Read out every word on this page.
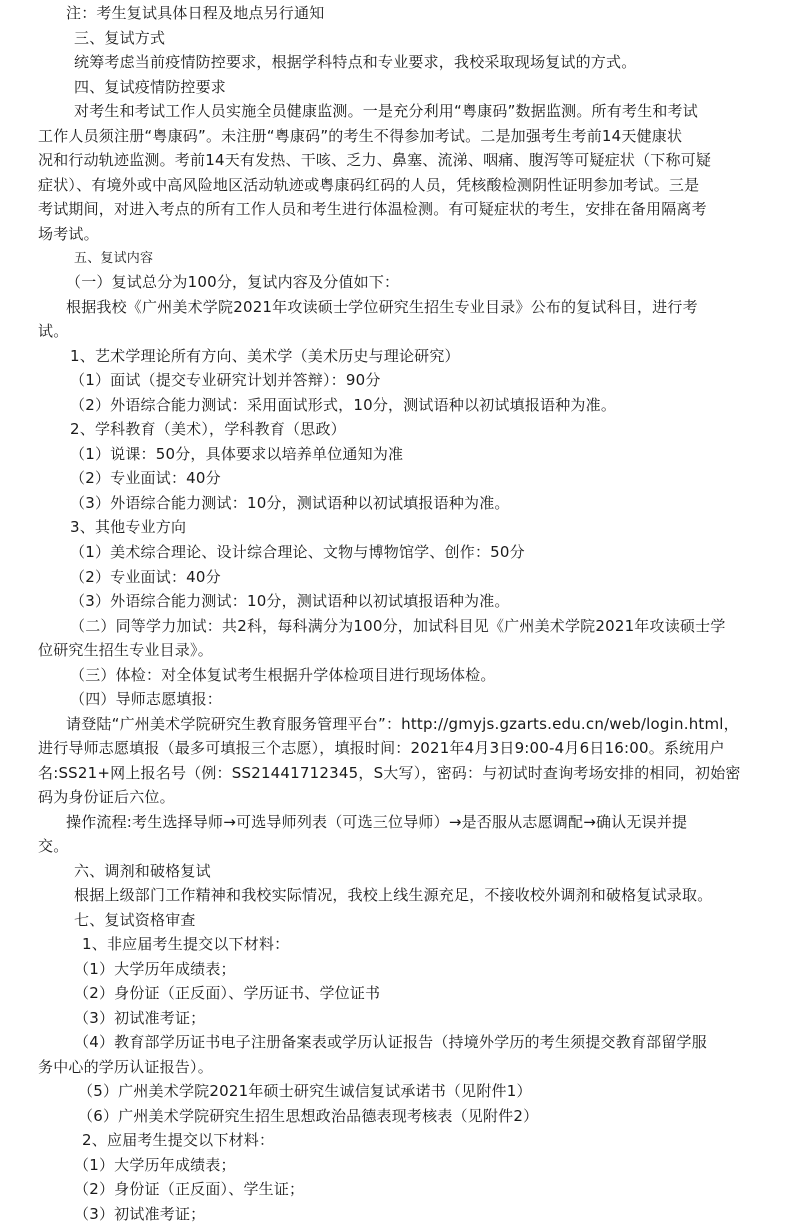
注：考生复试具体日程及地点另行通知
三、复试方式
统筹考虑当前疫情防控要求，根据学科特点和专业要求，我校采取现场复试的方式。
四、复试疫情防控要求
对考生和考试工作人员实施全员健康监测。一是充分利用“粤康码”数据监测。所有考生和考试
工作人员须注册“粤康码”。未注册“粤康码”的考生不得参加考试。二是加强考生考前14天健康状
况和行动轨迹监测。考前14天有发热、干咳、乏力、鼻塞、流涕、咽痛、腹泻等可疑症状（下称可疑
症状）、有境外或中高风险地区活动轨迹或粤康码红码的人员，凭核酸检测阴性证明参加考试。三是
考试期间，对进入考点的所有工作人员和考生进行体温检测。有可疑症状的考生，安排在备用隔离考
场考试。
五、复试内容
（一）复试总分为100分，复试内容及分值如下：
根据我校《广州美术学院2021年攻读硕士学位研究生招生专业目录》公布的复试科目，进行考
试。
1、艺术学理论所有方向、美术学（美术历史与理论研究）
（1）面试（提交专业研究计划并答辩）：90分
（2）外语综合能力测试：采用面试形式，10分，测试语种以初试填报语种为准。
2、学科教育（美术），学科教育（思政）
（1）说课：50分，具体要求以培养单位通知为准
（2）专业面试：40分
（3）外语综合能力测试：10分，测试语种以初试填报语种为准。
3、其他专业方向
（1）美术综合理论、设计综合理论、文物与博物馆学、创作：50分
（2）专业面试：40分
（3）外语综合能力测试：10分，测试语种以初试填报语种为准。
（二）同等学力加试：共2科，每科满分为100分，加试科目见《广州美术学院2021年攻读硕士学
位研究生招生专业目录》。
（三）体检：对全体复试考生根据升学体检项目进行现场体检。
（四）导师志愿填报：
请登陆“广州美术学院研究生教育服务管理平台”：http://gmyjs.gzarts.edu.cn/web/login.html，
进行导师志愿填报（最多可填报三个志愿），填报时间：2021年4月3日9:00-4月6日16:00。系统用户
名:SS21+网上报名号（例：SS21441712345，S大写），密码：与初试时查询考场安排的相同，初始密
码为身份证后六位。
操作流程:考生选择导师→可选导师列表（可选三位导师）→是否服从志愿调配→确认无误并提
交。
六、调剂和破格复试
根据上级部门工作精神和我校实际情况，我校上线生源充足，不接收校外调剂和破格复试录取。
七、复试资格审查
1、非应届考生提交以下材料：
（1）大学历年成绩表；
（2）身份证（正反面）、学历证书、学位证书
（3）初试准考证；
（4）教育部学历证书电子注册备案表或学历认证报告（持境外学历的考生须提交教育部留学服
务中心的学历认证报告）。
（5）广州美术学院2021年硕士研究生诚信复试承诺书（见附件1）
（6）广州美术学院研究生招生思想政治品德表现考核表（见附件2）
2、应届考生提交以下材料：
（1）大学历年成绩表；
（2）身份证（正反面）、学生证；
（3）初试准考证；
